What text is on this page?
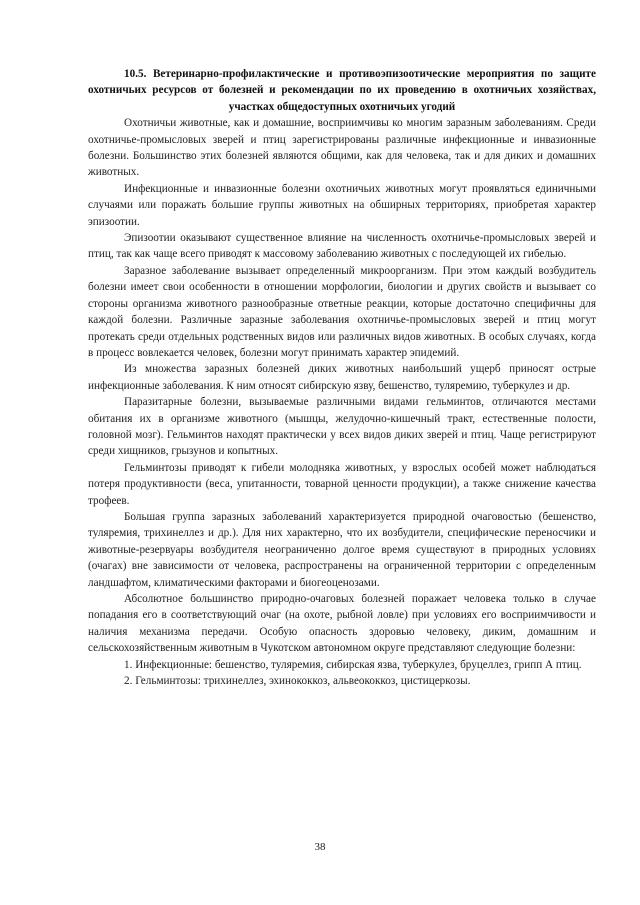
10.5. Ветеринарно-профилактические и противоэпизоотические мероприятия по защите охотничьих ресурсов от болезней и рекомендации по их проведению в охотничьих хозяйствах, участках общедоступных охотничьих угодий

Охотничьи животные, как и домашние, восприимчивы ко многим заразным заболеваниям. Среди охотничье-промысловых зверей и птиц зарегистрированы различные инфекционные и инвазионные болезни. Большинство этих болезней являются общими, как для человека, так и для диких и домашних животных.

Инфекционные и инвазионные болезни охотничьих животных могут проявляться единичными случаями или поражать большие группы животных на обширных территориях, приобретая характер эпизоотии.

Эпизоотии оказывают существенное влияние на численность охотничье-промысловых зверей и птиц, так как чаще всего приводят к массовому заболеванию животных с последующей их гибелью.

Заразное заболевание вызывает определенный микроорганизм. При этом каждый возбудитель болезни имеет свои особенности в отношении морфологии, биологии и других свойств и вызывает со стороны организма животного разнообразные ответные реакции, которые достаточно специфичны для каждой болезни. Различные заразные заболевания охотничье-промысловых зверей и птиц могут протекать среди отдельных родственных видов или различных видов животных. В особых случаях, когда в процесс вовлекается человек, болезни могут принимать характер эпидемий.

Из множества заразных болезней диких животных наибольший ущерб приносят острые инфекционные заболевания. К ним относят сибирскую язву, бешенство, туляремию, туберкулез и др.

Паразитарные болезни, вызываемые различными видами гельминтов, отличаются местами обитания их в организме животного (мышцы, желудочно-кишечный тракт, естественные полости, головной мозг). Гельминтов находят практически у всех видов диких зверей и птиц. Чаще регистрируют среди хищников, грызунов и копытных.

Гельминтозы приводят к гибели молодняка животных, у взрослых особей может наблюдаться потеря продуктивности (веса, упитанности, товарной ценности продукции), а также снижение качества трофеев.

Большая группа заразных заболеваний характеризуется природной очаговостью (бешенство, туляремия, трихинеллез и др.). Для них характерно, что их возбудители, специфические переносчики и животные-резервуары возбудителя неограниченно долгое время существуют в природных условиях (очагах) вне зависимости от человека, распространены на ограниченной территории с определенным ландшафтом, климатическими факторами и биогеоценозами.

Абсолютное большинство природно-очаговых болезней поражает человека только в случае попадания его в соответствующий очаг (на охоте, рыбной ловле) при условиях его восприимчивости и наличия механизма передачи. Особую опасность здоровью человеку, диким, домашним и сельскохозяйственным животным в Чукотском автономном округе представляют следующие болезни:

1. Инфекционные: бешенство, туляремия, сибирская язва, туберкулез, бруцеллез, грипп А птиц.

2. Гельминтозы: трихинеллез, эхинококкоз, альвеококкоз, цистицеркозы.

38
